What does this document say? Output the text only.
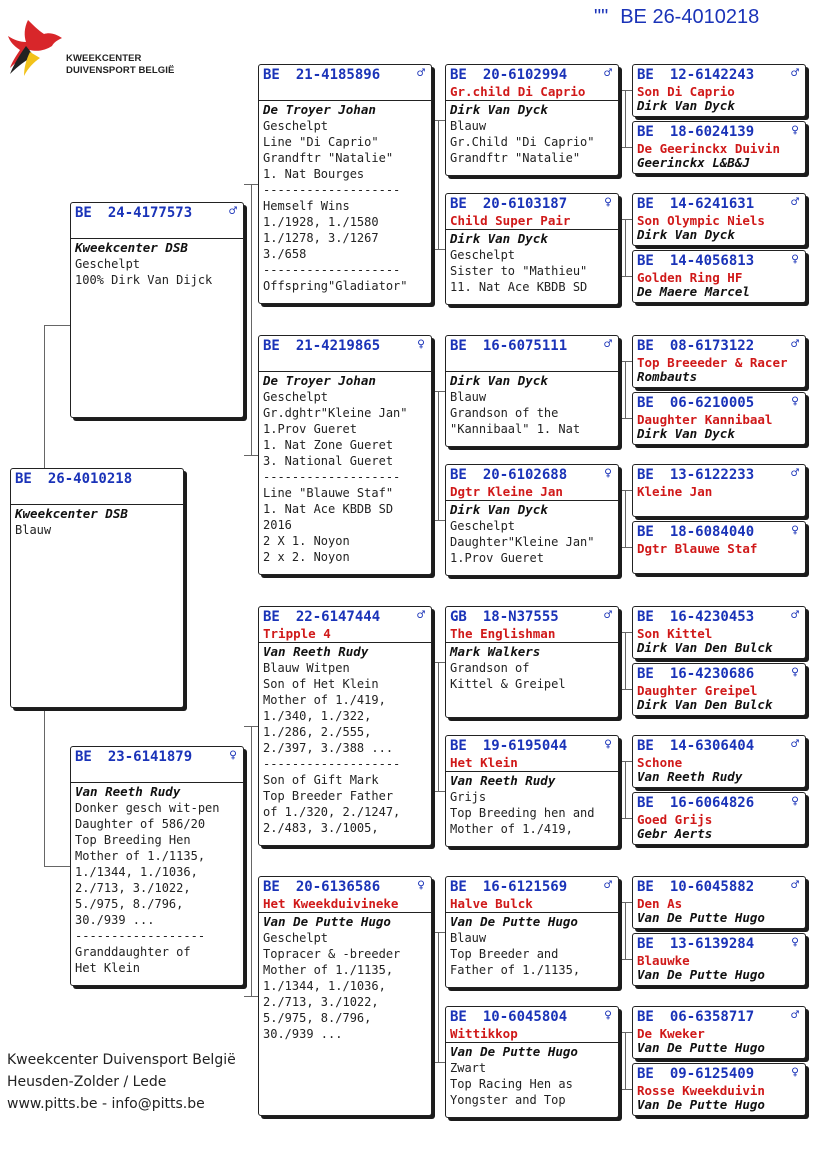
"" BE 26-4010218
KWEEKCENTER
DUIVENSPORT BELGIË
BE 26-4010218
Kweekcenter DSB
Blauw
BE 24-4177573	♂
Kweekcenter DSB
Geschelpt
100% Dirk Van Dijck
BE 23-6141879	♀
Van Reeth Rudy
Donker gesch wit-pen
Daughter of 586/20
Top Breeding Hen
Mother of 1./1135,
1./1344, 1./1036,
2./713, 3./1022,
5./975, 8./796,
30./939 ...
------------------
Granddaughter of
Het Klein
BE 21-4185896	♂
De Troyer Johan
Geschelpt
Line "Di Caprio"
Grandftr "Natalie"
1. Nat Bourges
-------------------
Hemself Wins
1./1928, 1./1580
1./1278, 3./1267
3./658
-------------------
Offspring"Gladiator"
BE 21-4219865	♀
De Troyer Johan
Geschelpt
Gr.dghtr"Kleine Jan"
1.Prov Gueret
1. Nat Zone Gueret
3. National Gueret
-------------------
Line "Blauwe Staf"
1. Nat Ace KBDB SD
2016
2 X 1. Noyon
2 x 2. Noyon
BE 22-6147444	♂
Tripple 4
Van Reeth Rudy
Blauw Witpen
Son of Het Klein
Mother of 1./419,
1./340, 1./322,
1./286, 2./555,
2./397, 3./388 ...
-------------------
Son of Gift Mark
Top Breeder Father
of 1./320, 2./1247,
2./483, 3./1005,
BE 20-6136586	♀
Het Kweekduivineke
Van De Putte Hugo
Geschelpt
Topracer & -breeder
Mother of 1./1135,
1./1344, 1./1036,
2./713, 3./1022,
5./975, 8./796,
30./939 ...
BE 20-6102994	♂
Gr.child Di Caprio
Dirk Van Dyck
Blauw
Gr.Child "Di Caprio"
Grandftr "Natalie"
BE 20-6103187	♀
Child Super Pair
Dirk Van Dyck
Geschelpt
Sister to "Mathieu"
11. Nat Ace KBDB SD
BE 16-6075111	♂
Dirk Van Dyck
Blauw
Grandson of the
"Kannibaal" 1. Nat
BE 20-6102688	♀
Dgtr Kleine Jan
Dirk Van Dyck
Geschelpt
Daughter"Kleine Jan"
1.Prov Gueret
GB 18-N37555	♂
The Englishman
Mark Walkers
Grandson of
Kittel & Greipel
BE 19-6195044	♀
Het Klein
Van Reeth Rudy
Grijs
Top Breeding hen and
Mother of 1./419,
BE 16-6121569	♂
Halve Bulck
Van De Putte Hugo
Blauw
Top Breeder and
Father of 1./1135,
BE 10-6045804	♀
Wittikkop
Van De Putte Hugo
Zwart
Top Racing Hen as
Yongster and Top
BE 12-6142243	♂
Son Di Caprio
Dirk Van Dyck
BE 18-6024139	♀
De Geerinckx Duivin
Geerinckx L&B&J
BE 14-6241631	♂
Son Olympic Niels
Dirk Van Dyck
BE 14-4056813	♀
Golden Ring HF
De Maere Marcel
BE 08-6173122	♂
Top Breeeder & Racer
Rombauts
BE 06-6210005	♀
Daughter Kannibaal
Dirk Van Dyck
BE 13-6122233	♂
Kleine Jan
BE 18-6084040	♀
Dgtr Blauwe Staf
BE 16-4230453	♂
Son Kittel
Dirk Van Den Bulck
BE 16-4230686	♀
Daughter Greipel
Dirk Van Den Bulck
BE 14-6306404	♂
Schone
Van Reeth Rudy
BE 16-6064826	♀
Goed Grijs
Gebr Aerts
BE 10-6045882	♂
Den As
Van De Putte Hugo
BE 13-6139284	♀
Blauwke
Van De Putte Hugo
BE 06-6358717	♂
De Kweker
Van De Putte Hugo
BE 09-6125409	♀
Rosse Kweekduivin
Van De Putte Hugo
Kweekcenter Duivensport België
Heusden-Zolder / Lede
www.pitts.be - info@pitts.be
